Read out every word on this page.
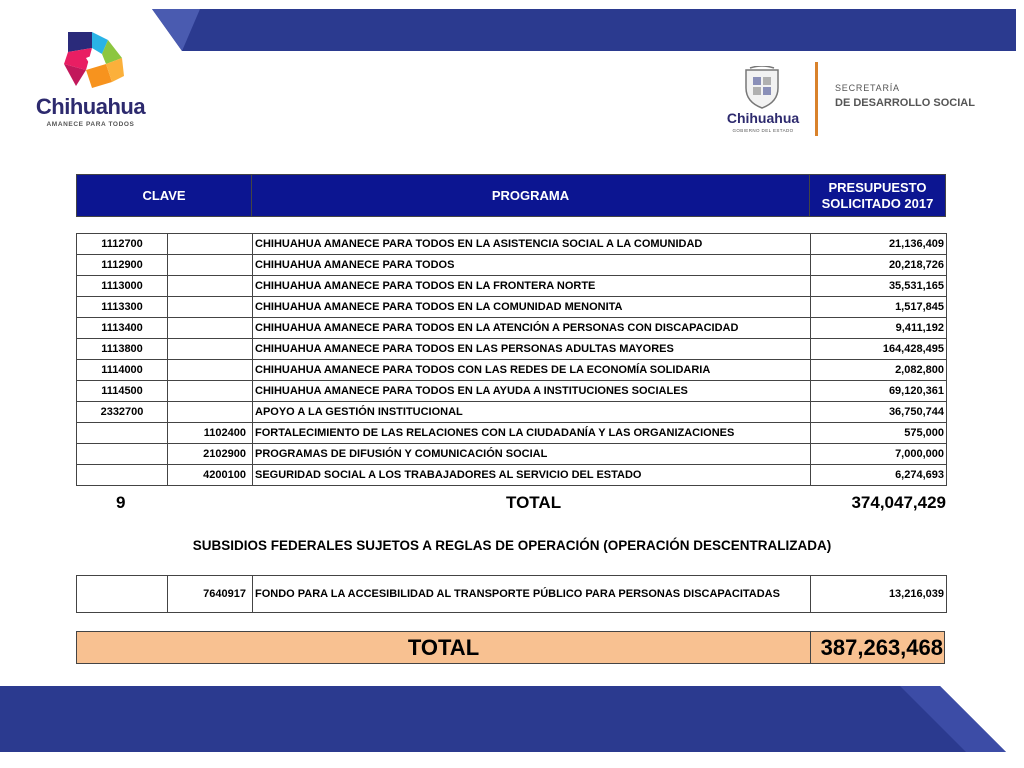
Chihuahua
AMANECE PARA TODOS	Chihuahua
GOBIERNO DEL ESTADO
SECRETARÍA
DE DESARROLLO SOCIAL
CLAVE	PROGRAMA	PRESUPUESTO
SOLICITADO 2017
1112700		CHIHUAHUA AMANECE PARA TODOS EN LA ASISTENCIA SOCIAL A LA COMUNIDAD	21,136,409
1112900		CHIHUAHUA AMANECE PARA TODOS	20,218,726
1113000		CHIHUAHUA AMANECE PARA TODOS EN LA FRONTERA NORTE	35,531,165
1113300		CHIHUAHUA AMANECE PARA TODOS EN LA COMUNIDAD MENONITA	1,517,845
1113400		CHIHUAHUA AMANECE PARA TODOS EN LA ATENCIÓN A PERSONAS CON DISCAPACIDAD	9,411,192
1113800		CHIHUAHUA AMANECE PARA TODOS EN LAS PERSONAS ADULTAS MAYORES	164,428,495
1114000		CHIHUAHUA AMANECE PARA TODOS CON LAS REDES DE LA ECONOMÍA SOLIDARIA	2,082,800
1114500		CHIHUAHUA AMANECE PARA TODOS EN LA AYUDA A INSTITUCIONES SOCIALES	69,120,361
2332700		APOYO A LA GESTIÓN INSTITUCIONAL	36,750,744
	1102400	FORTALECIMIENTO DE LAS RELACIONES CON LA CIUDADANÍA Y LAS ORGANIZACIONES	575,000
	2102900	PROGRAMAS DE DIFUSIÓN Y COMUNICACIÓN SOCIAL	7,000,000
	4200100	SEGURIDAD SOCIAL A LOS TRABAJADORES AL SERVICIO DEL ESTADO	6,274,693
9	TOTAL	374,047,429
SUBSIDIOS FEDERALES SUJETOS A REGLAS DE OPERACIÓN (OPERACIÓN DESCENTRALIZADA)
	7640917	FONDO PARA LA ACCESIBILIDAD AL TRANSPORTE PÚBLICO PARA PERSONAS DISCAPACITADAS	13,216,039
TOTAL	387,263,468
